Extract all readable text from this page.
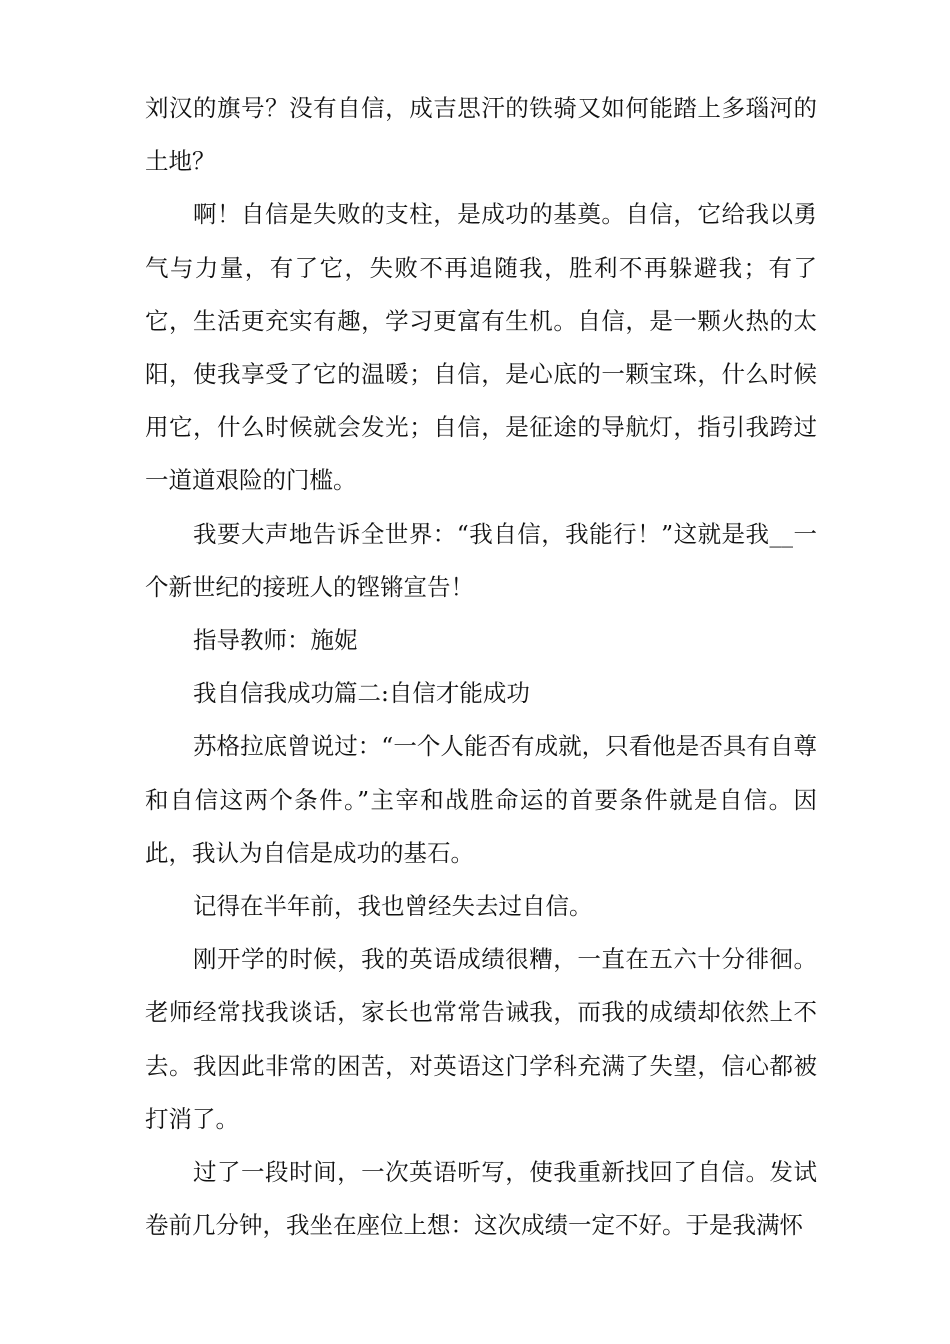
刘汉的旗号？没有自信，成吉思汗的铁骑又如何能踏上多瑙河的土地？

啊！自信是失败的支柱，是成功的基奠。自信，它给我以勇气与力量，有了它，失败不再追随我，胜利不再躲避我；有了它，生活更充实有趣，学习更富有生机。自信，是一颗火热的太阳，使我享受了它的温暖；自信，是心底的一颗宝珠，什么时候用它，什么时候就会发光；自信，是征途的导航灯，指引我跨过一道道艰险的门槛。

我要大声地告诉全世界：“我自信，我能行！”这就是我__一个新世纪的接班人的铿锵宣告！

指导教师：施妮

我自信我成功篇二:自信才能成功

苏格拉底曾说过：“一个人能否有成就，只看他是否具有自尊和自信这两个条件。”主宰和战胜命运的首要条件就是自信。因此，我认为自信是成功的基石。

记得在半年前，我也曾经失去过自信。

刚开学的时候，我的英语成绩很糟，一直在五六十分徘徊。老师经常找我谈话，家长也常常告诫我，而我的成绩却依然上不去。我因此非常的困苦，对英语这门学科充满了失望，信心都被打消了。

过了一段时间，一次英语听写，使我重新找回了自信。发试卷前几分钟，我坐在座位上想：这次成绩一定不好。于是我满怀
